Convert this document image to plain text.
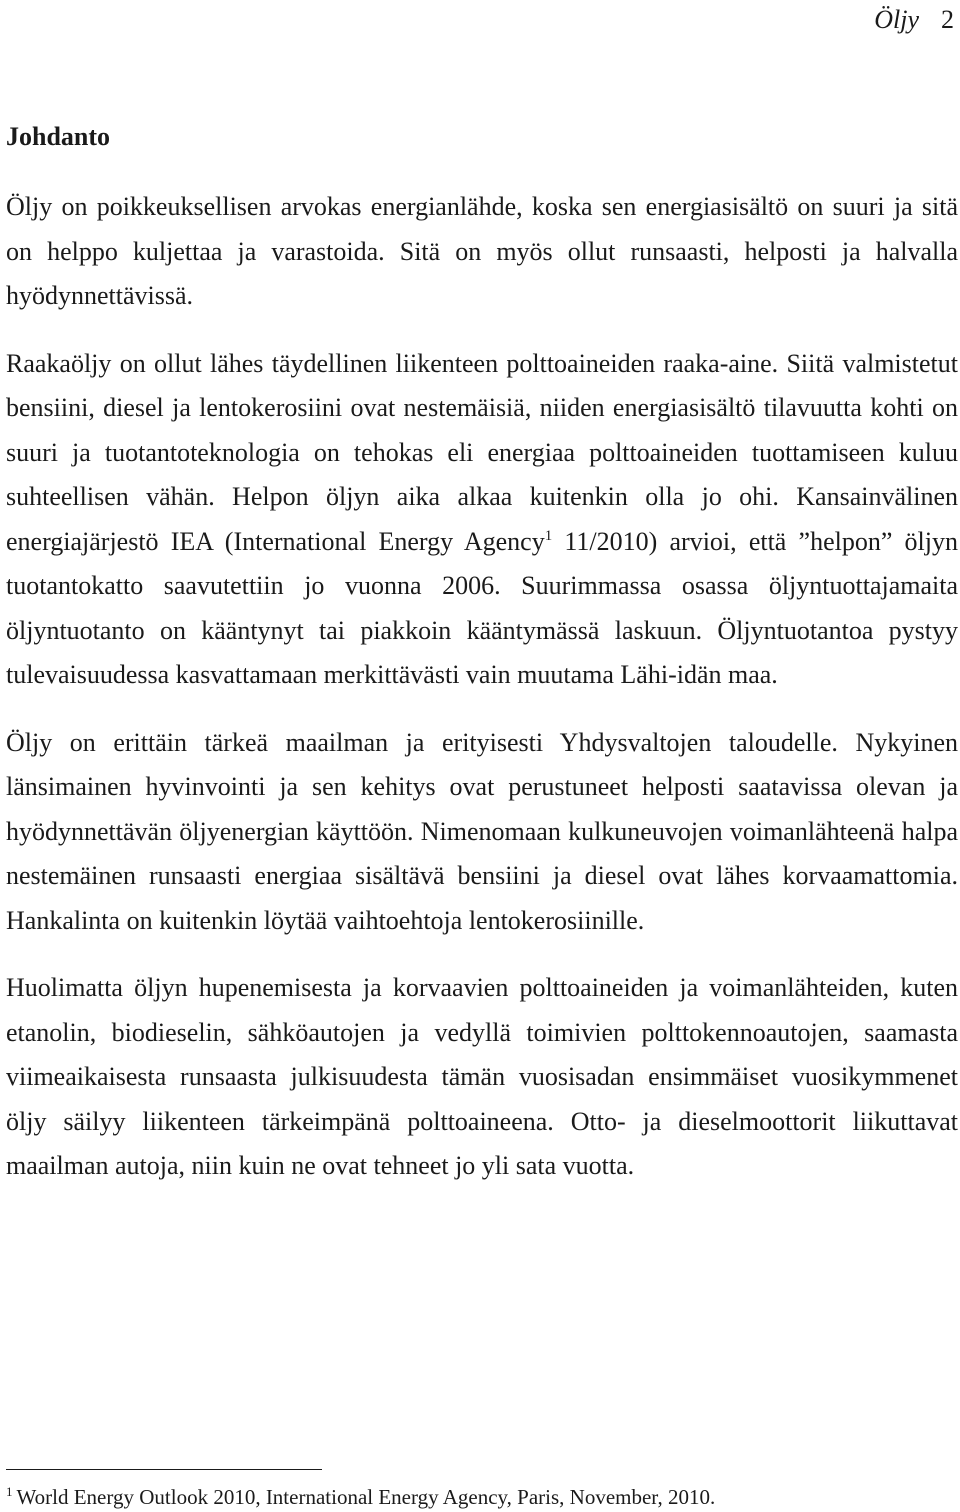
Öljy 2
Johdanto

Öljy on poikkeuksellisen arvokas energianlähde, koska sen energiasisältö on suuri ja sitä on helppo kuljettaa ja varastoida. Sitä on myös ollut runsaasti, helposti ja halvalla hyödynnettävissä.

Raakaöljy on ollut lähes täydellinen liikenteen polttoaineiden raaka-aine. Siitä valmistetut bensiini, diesel ja lentokerosiini ovat nestemäisiä, niiden energiasisältö tilavuutta kohti on suuri ja tuotantoteknologia on tehokas eli energiaa polttoaineiden tuottamiseen kuluu suhteellisen vähän. Helpon öljyn aika alkaa kuitenkin olla jo ohi. Kansainvälinen energiajärjestö IEA (International Energy Agency$^1$ 11/2010) arvioi, että ”helpon” öljyn tuotantokatto saavutettiin jo vuonna 2006. Suurimmassa osassa öljyntuottajamaita öljyntuotanto on kääntynyt tai piakkoin kääntymässä laskuun. Öljyntuotantoa pystyy tulevaisuudessa kasvattamaan merkittävästi vain muutama Lähi-idän maa.

Öljy on erittäin tärkeä maailman ja erityisesti Yhdysvaltojen taloudelle. Nykyinen länsimainen hyvinvointi ja sen kehitys ovat perustuneet helposti saatavissa olevan ja hyödynnettävän öljyenergian käyttöön. Nimenomaan kulkuneuvojen voimanlähteenä halpa nestemäinen runsaasti energiaa sisältävä bensiini ja diesel ovat lähes korvaamattomia. Hankalinta on kuitenkin löytää vaihtoehtoja lentokerosiinille.

Huolimatta öljyn hupenemisesta ja korvaavien polttoaineiden ja voimanlähteiden, kuten etanolin, biodieselin, sähköautojen ja vedyllä toimivien polttokennoautojen, saamasta viimeaikaisesta runsaasta julkisuudesta tämän vuosisadan ensimmäiset vuosikymmenet öljy säilyy liikenteen tärkeimpänä polttoaineena. Otto- ja dieselmoottorit liikuttavat maailman autoja, niin kuin ne ovat tehneet jo yli sata vuotta.

$^1$ World Energy Outlook 2010, International Energy Agency, Paris, November, 2010.
